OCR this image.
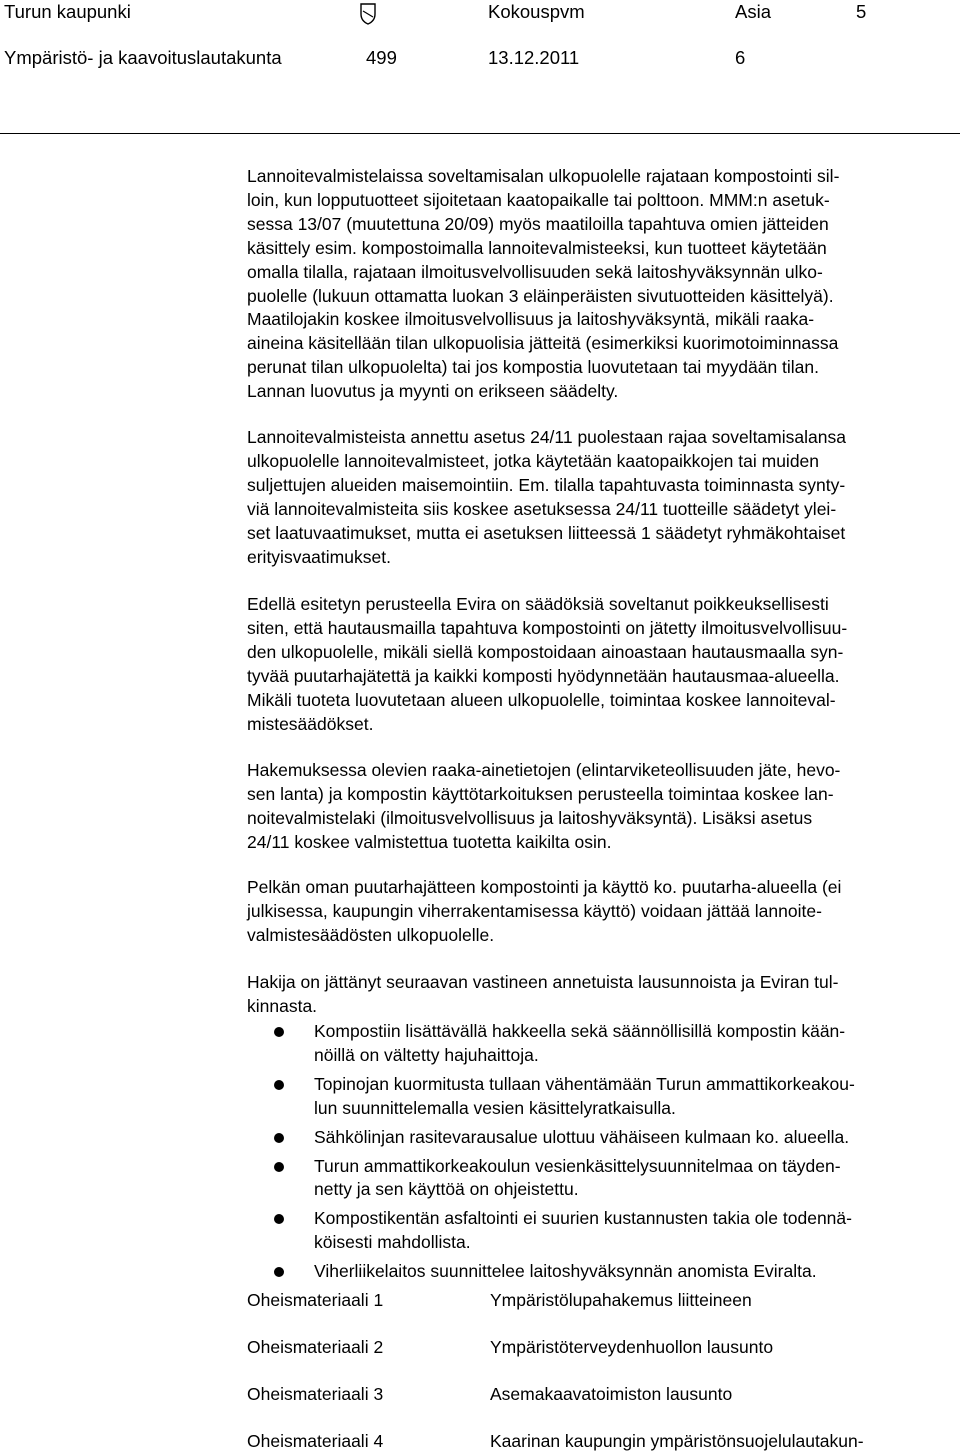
Turun kaupunki	Kokouspvm	Asia	5
Ympäristö- ja kaavoituslautakunta	499	13.12.2011	6
Lannoitevalmistelaissa soveltamisalan ulkopuolelle rajataan kompostointi sil-
loin, kun lopputuotteet sijoitetaan kaatopaikalle tai polttoon. MMM:n asetuk-
sessa 13/07 (muutettuna 20/09) myös maatiloilla tapahtuva omien jätteiden
käsittely esim. kompostoimalla lannoitevalmisteeksi, kun tuotteet käytetään
omalla tilalla, rajataan ilmoitusvelvollisuuden sekä laitoshyväksynnän ulko-
puolelle (lukuun ottamatta luokan 3 eläinperäisten sivutuotteiden käsittelyä).
Maatilojakin koskee ilmoitusvelvollisuus ja laitoshyväksyntä, mikäli raaka-
aineina käsitellään tilan ulkopuolisia jätteitä (esimerkiksi kuorimotoiminnassa
perunat tilan ulkopuolelta) tai jos kompostia luovutetaan tai myydään tilan.
Lannan luovutus ja myynti on erikseen säädelty.
Lannoitevalmisteista annettu asetus 24/11 puolestaan rajaa soveltamisalansa
ulkopuolelle lannoitevalmisteet, jotka käytetään kaatopaikkojen tai muiden
suljettujen alueiden maisemointiin. Em. tilalla tapahtuvasta toiminnasta synty-
viä lannoitevalmisteita siis koskee asetuksessa 24/11 tuotteille säädetyt ylei-
set laatuvaatimukset, mutta ei asetuksen liitteessä 1 säädetyt ryhmäkohtaiset
erityisvaatimukset.
Edellä esitetyn perusteella Evira on säädöksiä soveltanut poikkeuksellisesti
siten, että hautausmailla tapahtuva kompostointi on jätetty ilmoitusvelvollisuu-
den ulkopuolelle, mikäli siellä kompostoidaan ainoastaan hautausmaalla syn-
tyvää puutarhajätettä ja kaikki komposti hyödynnetään hautausmaa-alueella.
Mikäli tuoteta luovutetaan alueen ulkopuolelle, toimintaa koskee lannoiteval-
mistesäädökset.
Hakemuksessa olevien raaka-ainetietojen (elintarviketeollisuuden jäte, hevo-
sen lanta) ja kompostin käyttötarkoituksen perusteella toimintaa koskee lan-
noitevalmistelaki (ilmoitusvelvollisuus ja laitoshyväksyntä). Lisäksi asetus
24/11 koskee valmistettua tuotetta kaikilta osin.
Pelkän oman puutarhajätteen kompostointi ja käyttö ko. puutarha-alueella (ei
julkisessa, kaupungin viherrakentamisessa käyttö) voidaan jättää lannoite-
valmistesäädösten ulkopuolelle.
Hakija on jättänyt seuraavan vastineen annetuista lausunnoista ja Eviran tul-
kinnasta.
Kompostiin lisättävällä hakkeella sekä säännöllisillä kompostin kään-
nöillä on vältetty hajuhaittoja.
Topinojan kuormitusta tullaan vähentämään Turun ammattikorkeakou-
lun suunnittelemalla vesien käsittelyratkaisulla.
Sähkölinjan rasitevarausalue ulottuu vähäiseen kulmaan ko. alueella.
Turun ammattikorkeakoulun vesienkäsittelysuunnitelmaa on täyden-
netty ja sen käyttöä on ohjeistettu.
Kompostikentän asfaltointi ei suurien kustannusten takia ole todennä-
köisesti mahdollista.
Viherliikelaitos suunnittelee laitoshyväksynnän anomista Eviralta.
Oheismateriaali 1	Ympäristölupahakemus liitteineen
Oheismateriaali 2	Ympäristöterveydenhuollon lausunto
Oheismateriaali 3	Asemakaavatoimiston lausunto
Oheismateriaali 4	Kaarinan kaupungin ympäristönsuojelulautakun-
